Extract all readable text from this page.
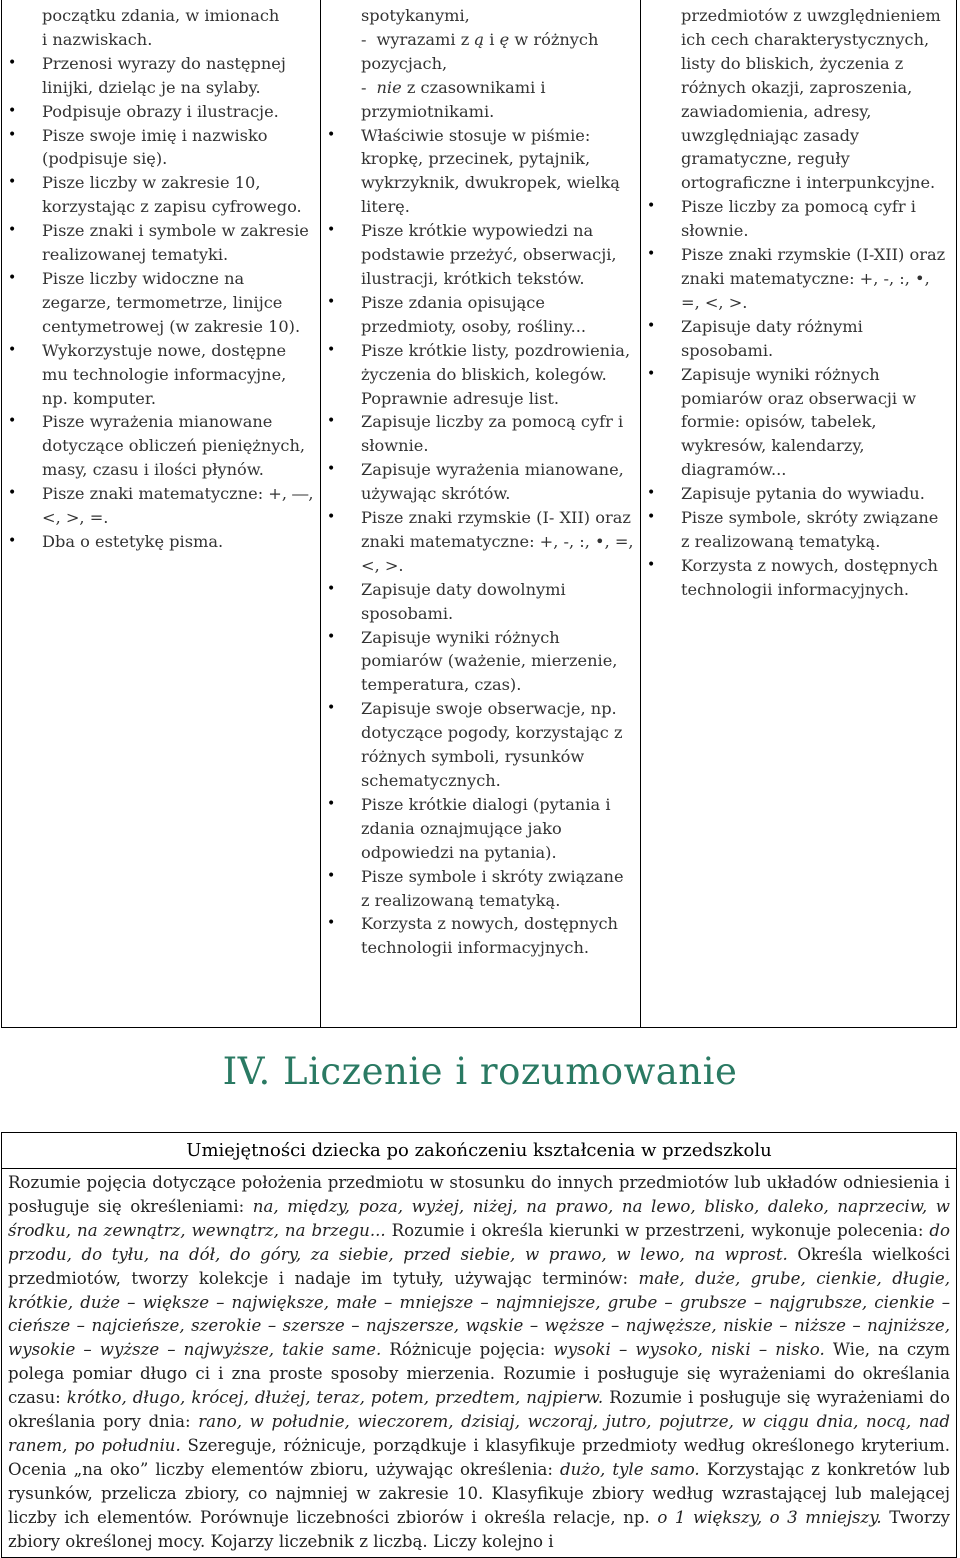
początku zdania, w imionach
i nazwiskach.
• Przenosi wyrazy do następnej linijki, dzieląc je na sylaby.
• Podpisuje obrazy i ilustracje.
• Pisze swoje imię i nazwisko (podpisuje się).
• Pisze liczby w zakresie 10, korzystając z zapisu cyfrowego.
• Pisze znaki i symbole w zakresie realizowanej tematyki.
• Pisze liczby widoczne na zegarze, termometrze, linijce centymetrowej (w zakresie 10).
• Wykorzystuje nowe, dostępne mu technologie informacyjne, np. komputer.
• Pisze wyrażenia mianowane dotyczące obliczeń pieniężnych, masy, czasu i ilości płynów.
• Pisze znaki matematyczne: +, ―, <, >, =.
• Dba o estetykę pisma.
spotykanymi,
- wyrazami z ą i ę w różnych pozycjach,
- nie z czasownikami i przymiotnikami.
• Właściwie stosuje w piśmie: kropkę, przecinek, pytajnik, wykrzyknik, dwukropek, wielką literę.
• Pisze krótkie wypowiedzi na podstawie przeżyć, obserwacji, ilustracji, krótkich tekstów.
• Pisze zdania opisujące przedmioty, osoby, rośliny...
• Pisze krótkie listy, pozdrowienia, życzenia do bliskich, kolegów. Poprawnie adresuje list.
• Zapisuje liczby za pomocą cyfr i słownie.
• Zapisuje wyrażenia mianowane, używając skrótów.
• Pisze znaki rzymskie (I- XII) oraz znaki matematyczne: +, -, :, •, =, <, >.
• Zapisuje daty dowolnymi sposobami.
• Zapisuje wyniki różnych pomiarów (ważenie, mierzenie, temperatura, czas).
• Zapisuje swoje obserwacje, np. dotyczące pogody, korzystając z różnych symboli, rysunków schematycznych.
• Pisze krótkie dialogi (pytania i zdania oznajmujące jako odpowiedzi na pytania).
• Pisze symbole i skróty związane z realizowaną tematyką.
• Korzysta z nowych, dostępnych technologii informacyjnych.
przedmiotów z uwzględnieniem ich cech charakterystycznych, listy do bliskich, życzenia z różnych okazji, zaproszenia, zawiadomienia, adresy, uwzględniając zasady gramatyczne, reguły ortograficzne i interpunkcyjne.
• Pisze liczby za pomocą cyfr i słownie.
• Pisze znaki rzymskie (I-XII) oraz znaki matematyczne: +, -, :, •, =, <, >.
• Zapisuje daty różnymi sposobami.
• Zapisuje wyniki różnych pomiarów oraz obserwacji w formie: opisów, tabelek, wykresów, kalendarzy, diagramów...
• Zapisuje pytania do wywiadu.
• Pisze symbole, skróty związane z realizowaną tematyką.
• Korzysta z nowych, dostępnych technologii informacyjnych.
IV. Liczenie i rozumowanie
Umiejętności dziecka po zakończeniu kształcenia w przedszkolu
Rozumie pojęcia dotyczące położenia przedmiotu w stosunku do innych przedmiotów lub układów odniesienia i posługuje się określeniami: na, między, poza, wyżej, niżej, na prawo, na lewo, blisko, daleko, naprzeciw, w środku, na zewnątrz, wewnątrz, na brzegu... Rozumie i określa kierunki w przestrzeni, wykonuje polecenia: do przodu, do tyłu, na dół, do góry, za siebie, przed siebie, w prawo, w lewo, na wprost. Określa wielkości przedmiotów, tworzy kolekcje i nadaje im tytuły, używając terminów: małe, duże, grube, cienkie, długie, krótkie, duże – większe – największe, małe – mniejsze – najmniejsze, grube – grubsze – najgrubsze, cienkie – cieńsze – najcieńsze, szerokie – szersze – najszersze, wąskie – węższe – najwęższe, niskie – niższe – najniższe, wysokie – wyższe – najwyższe, takie same. Różnicuje pojęcia: wysoki – wysoko, niski – nisko. Wie, na czym polega pomiar długo ci i zna proste sposoby mierzenia. Rozumie i posługuje się wyrażeniami do określania czasu: krótko, długo, krócej, dłużej, teraz, potem, przedtem, najpierw. Rozumie i posługuje się wyrażeniami do określania pory dnia: rano, w południe, wieczorem, dzisiaj, wczoraj, jutro, pojutrze, w ciągu dnia, nocą, nad ranem, po południu. Szereguje, różnicuje, porządkuje i klasyfikuje przedmioty według określonego kryterium. Ocenia „na oko” liczby elementów zbioru, używając określenia: dużo, tyle samo. Korzystając z konkretów lub rysunków, przelicza zbiory, co najmniej w zakresie 10. Klasyfikuje zbiory według wzrastającej lub malejącej liczby ich elementów. Porównuje liczebności zbiorów i określa relacje, np. o 1 większy, o 3 mniejszy. Tworzy zbiory określonej mocy. Kojarzy liczebnik z liczbą. Liczy kolejno i
